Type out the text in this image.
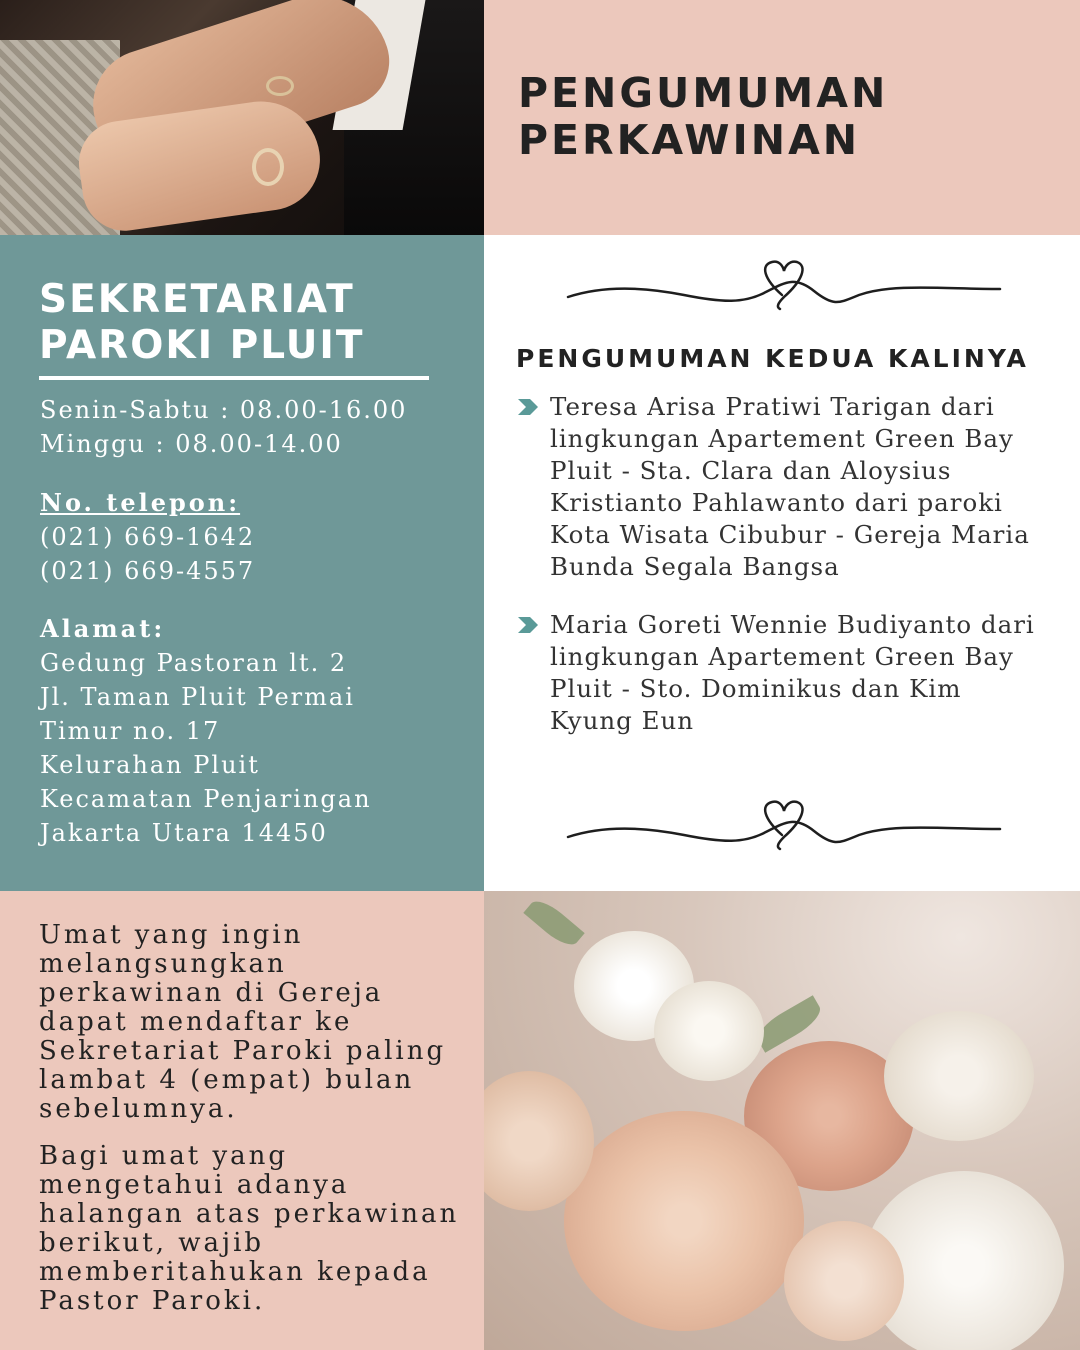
PENGUMUMAN
PERKAWINAN
SEKRETARIAT
PAROKI PLUIT

Senin-Sabtu : 08.00-16.00

Minggu : 08.00-14.00

No. telepon:

(021) 669-1642

(021) 669-4557

Alamat:

Gedung Pastoran lt. 2

Jl. Taman Pluit Permai

Timur no. 17

Kelurahan Pluit

Kecamatan Penjaringan

Jakarta Utara 14450

PENGUMUMAN KEDUA KALINYA

Teresa Arisa Pratiwi Tarigan dari
lingkungan Apartement Green Bay
Pluit - Sta. Clara dan Aloysius
Kristianto Pahlawanto dari paroki
Kota Wisata Cibubur - Gereja Maria
Bunda Segala Bangsa

Maria Goreti Wennie Budiyanto dari
lingkungan Apartement Green Bay
Pluit - Sto. Dominikus dan Kim
Kyung Eun

Umat yang ingin
melangsungkan
perkawinan di Gereja
dapat mendaftar ke
Sekretariat Paroki paling
lambat 4 (empat) bulan
sebelumnya.

Bagi umat yang
mengetahui adanya
halangan atas perkawinan
berikut, wajib
memberitahukan kepada
Pastor Paroki.
